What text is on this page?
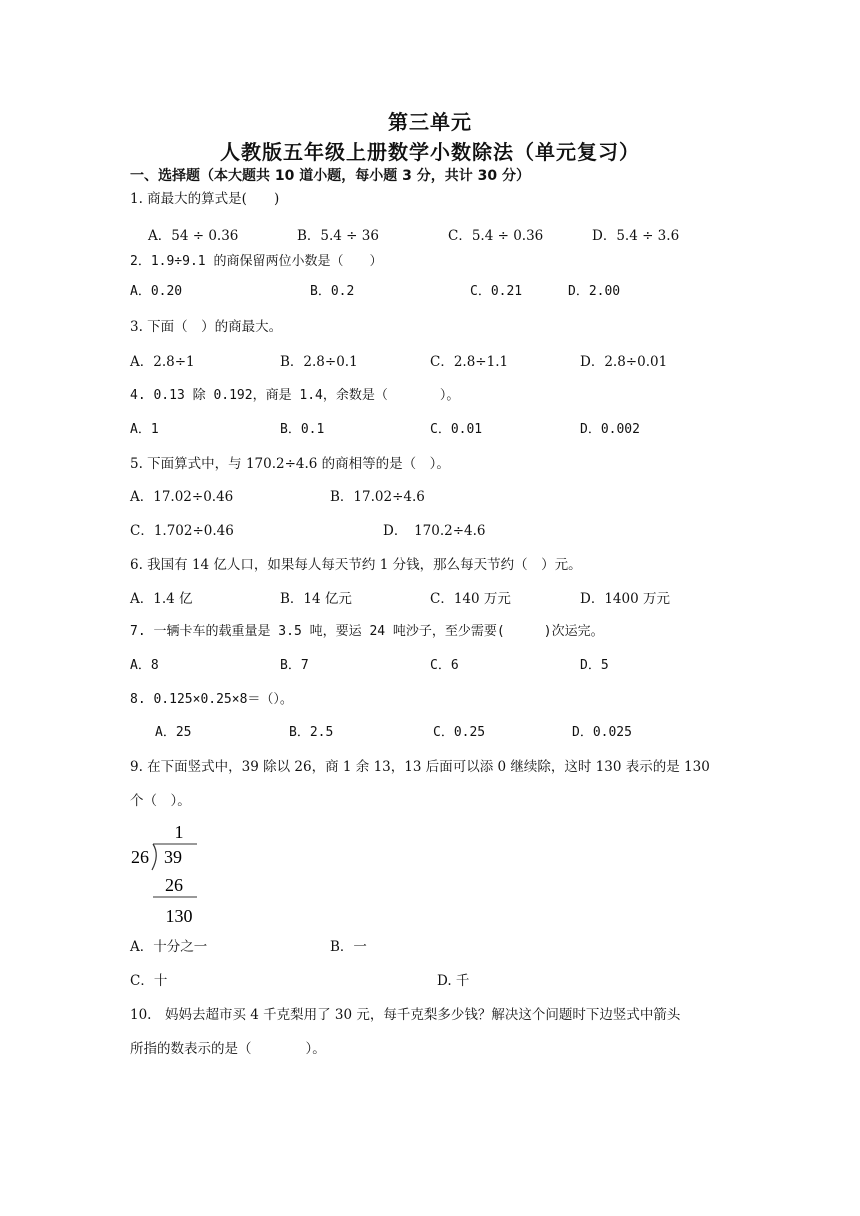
第三单元
人教版五年级上册数学小数除法（单元复习）
一、选择题（本大题共 10 道小题，每小题 3 分，共计 30 分）
1. 商最大的算式是(　　)
A．54 ÷ 0.36	B．5.4 ÷ 36	C．5.4 ÷ 0.36	D．5.4 ÷ 3.6
2．1.9÷9.1 的商保留两位小数是（　　）
A．0.20	B．0.2	C．0.21	D．2.00
3. 下面（　）的商最大。
A．2.8÷1	B．2.8÷0.1	C．2.8÷1.1	D．2.8÷0.01
4. 0.13 除 0.192，商是 1.4，余数是（　　　　）。
A．1	B．0.1	C．0.01	D．0.002
5. 下面算式中，与 170.2÷4.6 的商相等的是（　）。
A．17.02÷0.46	B．17.02÷4.6
C．1.702÷0.46	D．　170.2÷4.6
6. 我国有 14 亿人口，如果每人每天节约 1 分钱，那么每天节约（　）元。
A．1.4 亿	B．14 亿元	C．140 万元	D．1400 万元
7. 一辆卡车的载重量是 3.5 吨，要运 24 吨沙子，至少需要(　　　)次运完。
A．8	B．7	C．6	D．5
8. 0.125×0.25×8＝（）。
A．25	B．2.5	C．0.25	D．0.025
9. 在下面竖式中，39 除以 26，商 1 余 13，13 后面可以添 0 继续除，这时 130 表示的是 130
个（　）。
1
26 39
26
130
A．十分之一	B．一
C．十	D. 千
10.　妈妈去超市买 4 千克梨用了 30 元，每千克梨多少钱？解决这个问题时下边竖式中箭头
所指的数表示的是（　　　　）。
